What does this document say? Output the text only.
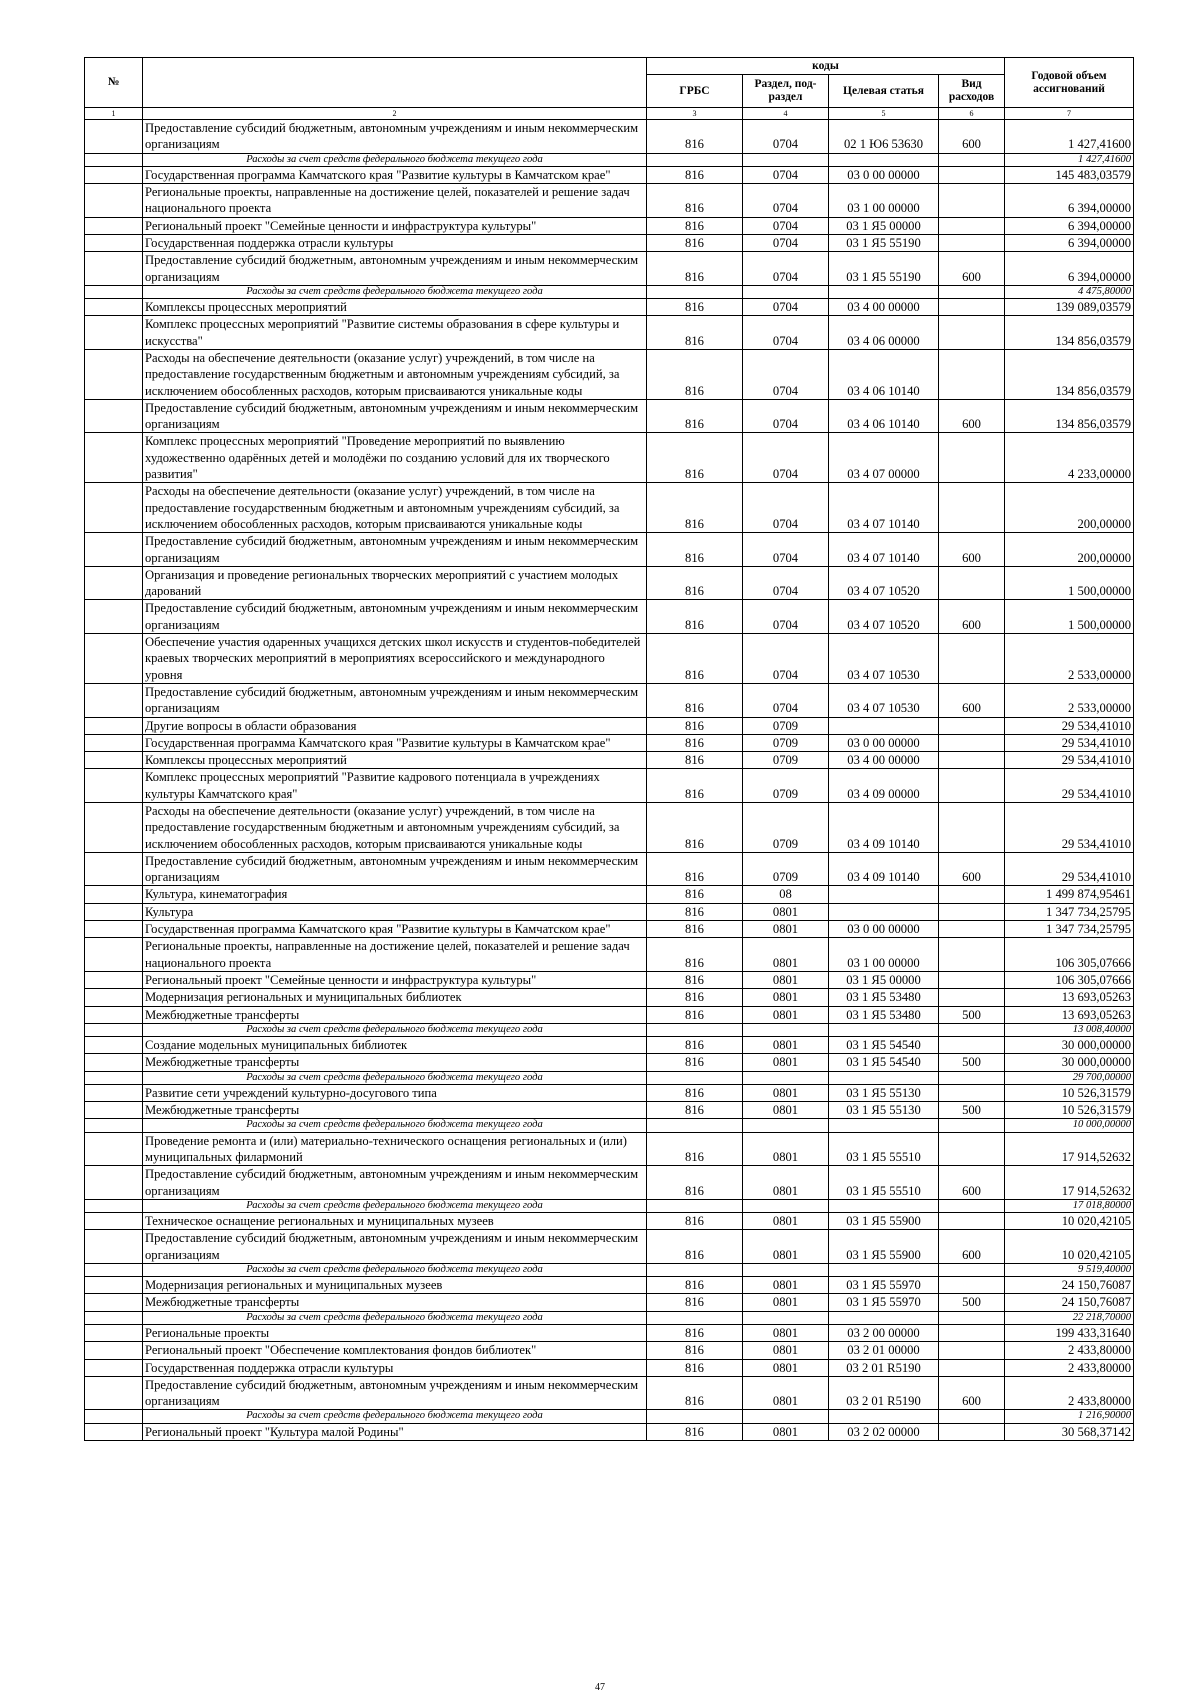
№		коды				Годовой объем ассигнований
		ГРБС	Раздел, под-раздел	Целевая статья	Вид расходов	
1	2	3	4	5	6	7
	Предоставление субсидий бюджетным, автономным учреждениям и иным некоммерческим организациям	816	0704	02 1 Ю6 53630	600	1 427,41600
	Расходы за счет средств федерального бюджета текущего года					1 427,41600
	Государственная программа Камчатского края "Развитие культуры в Камчатском крае"	816	0704	03 0 00 00000		145 483,03579
	Региональные проекты, направленные на достижение целей, показателей и решение задач национального проекта	816	0704	03 1 00 00000		6 394,00000
	Региональный проект "Семейные ценности и инфраструктура культуры"	816	0704	03 1 Я5 00000		6 394,00000
	Государственная поддержка отрасли культуры	816	0704	03 1 Я5 55190		6 394,00000
	Предоставление субсидий бюджетным, автономным учреждениям и иным некоммерческим организациям	816	0704	03 1 Я5 55190	600	6 394,00000
	Расходы за счет средств федерального бюджета текущего года					4 475,80000
	Комплексы процессных мероприятий	816	0704	03 4 00 00000		139 089,03579
	Комплекс процессных мероприятий "Развитие системы образования в сфере культуры и искусства"	816	0704	03 4 06 00000		134 856,03579
	Расходы на обеспечение деятельности (оказание услуг) учреждений, в том числе на предоставление государственным бюджетным и автономным учреждениям субсидий, за исключением обособленных расходов, которым присваиваются уникальные коды	816	0704	03 4 06 10140		134 856,03579
	Предоставление субсидий бюджетным, автономным учреждениям и иным некоммерческим организациям	816	0704	03 4 06 10140	600	134 856,03579
	Комплекс процессных мероприятий "Проведение мероприятий по выявлению художественно одарённых детей и молодёжи по созданию условий для их творческого развития"	816	0704	03 4 07 00000		4 233,00000
	Расходы на обеспечение деятельности (оказание услуг) учреждений, в том числе на предоставление государственным бюджетным и автономным учреждениям субсидий, за исключением обособленных расходов, которым присваиваются уникальные коды	816	0704	03 4 07 10140		200,00000
	Предоставление субсидий бюджетным, автономным учреждениям и иным некоммерческим организациям	816	0704	03 4 07 10140	600	200,00000
	Организация и проведение региональных творческих мероприятий с участием молодых дарований	816	0704	03 4 07 10520		1 500,00000
	Предоставление субсидий бюджетным, автономным учреждениям и иным некоммерческим организациям	816	0704	03 4 07 10520	600	1 500,00000
	Обеспечение участия одаренных учащихся детских школ искусств и студентов-победителей краевых творческих мероприятий в мероприятиях всероссийского и международного уровня	816	0704	03 4 07 10530		2 533,00000
	Предоставление субсидий бюджетным, автономным учреждениям и иным некоммерческим организациям	816	0704	03 4 07 10530	600	2 533,00000
	Другие вопросы в области образования	816	0709			29 534,41010
	Государственная программа Камчатского края "Развитие культуры в Камчатском крае"	816	0709	03 0 00 00000		29 534,41010
	Комплексы процессных мероприятий	816	0709	03 4 00 00000		29 534,41010
	Комплекс процессных мероприятий "Развитие кадрового потенциала в учреждениях культуры Камчатского края"	816	0709	03 4 09 00000		29 534,41010
	Расходы на обеспечение деятельности (оказание услуг) учреждений, в том числе на предоставление государственным бюджетным и автономным учреждениям субсидий, за исключением обособленных расходов, которым присваиваются уникальные коды	816	0709	03 4 09 10140		29 534,41010
	Предоставление субсидий бюджетным, автономным учреждениям и иным некоммерческим организациям	816	0709	03 4 09 10140	600	29 534,41010
	Культура, кинематография	816	08			1 499 874,95461
	Культура	816	0801			1 347 734,25795
	Государственная программа Камчатского края "Развитие культуры в Камчатском крае"	816	0801	03 0 00 00000		1 347 734,25795
	Региональные проекты, направленные на достижение целей, показателей и решение задач национального проекта	816	0801	03 1 00 00000		106 305,07666
	Региональный проект "Семейные ценности и инфраструктура культуры"	816	0801	03 1 Я5 00000		106 305,07666
	Модернизация региональных и муниципальных библиотек	816	0801	03 1 Я5 53480		13 693,05263
	Межбюджетные трансферты	816	0801	03 1 Я5 53480	500	13 693,05263
	Расходы за счет средств федерального бюджета текущего года					13 008,40000
	Создание модельных муниципальных библиотек	816	0801	03 1 Я5 54540		30 000,00000
	Межбюджетные трансферты	816	0801	03 1 Я5 54540	500	30 000,00000
	Расходы за счет средств федерального бюджета текущего года					29 700,00000
	Развитие сети учреждений культурно-досугового типа	816	0801	03 1 Я5 55130		10 526,31579
	Межбюджетные трансферты	816	0801	03 1 Я5 55130	500	10 526,31579
	Расходы за счет средств федерального бюджета текущего года					10 000,00000
	Проведение ремонта и (или) материально-технического оснащения региональных и (или) муниципальных филармоний	816	0801	03 1 Я5 55510		17 914,52632
	Предоставление субсидий бюджетным, автономным учреждениям и иным некоммерческим организациям	816	0801	03 1 Я5 55510	600	17 914,52632
	Расходы за счет средств федерального бюджета текущего года					17 018,80000
	Техническое оснащение региональных и муниципальных музеев	816	0801	03 1 Я5 55900		10 020,42105
	Предоставление субсидий бюджетным, автономным учреждениям и иным некоммерческим организациям	816	0801	03 1 Я5 55900	600	10 020,42105
	Расходы за счет средств федерального бюджета текущего года					9 519,40000
	Модернизация региональных и муниципальных музеев	816	0801	03 1 Я5 55970		24 150,76087
	Межбюджетные трансферты	816	0801	03 1 Я5 55970	500	24 150,76087
	Расходы за счет средств федерального бюджета текущего года					22 218,70000
	Региональные проекты	816	0801	03 2 00 00000		199 433,31640
	Региональный проект "Обеспечение комплектования фондов библиотек"	816	0801	03 2 01 00000		2 433,80000
	Государственная поддержка отрасли культуры	816	0801	03 2 01 R5190		2 433,80000
	Предоставление субсидий бюджетным, автономным учреждениям и иным некоммерческим организациям	816	0801	03 2 01 R5190	600	2 433,80000
	Расходы за счет средств федерального бюджета текущего года					1 216,90000
	Региональный проект "Культура малой Родины"	816	0801	03 2 02 00000		30 568,37142
47
